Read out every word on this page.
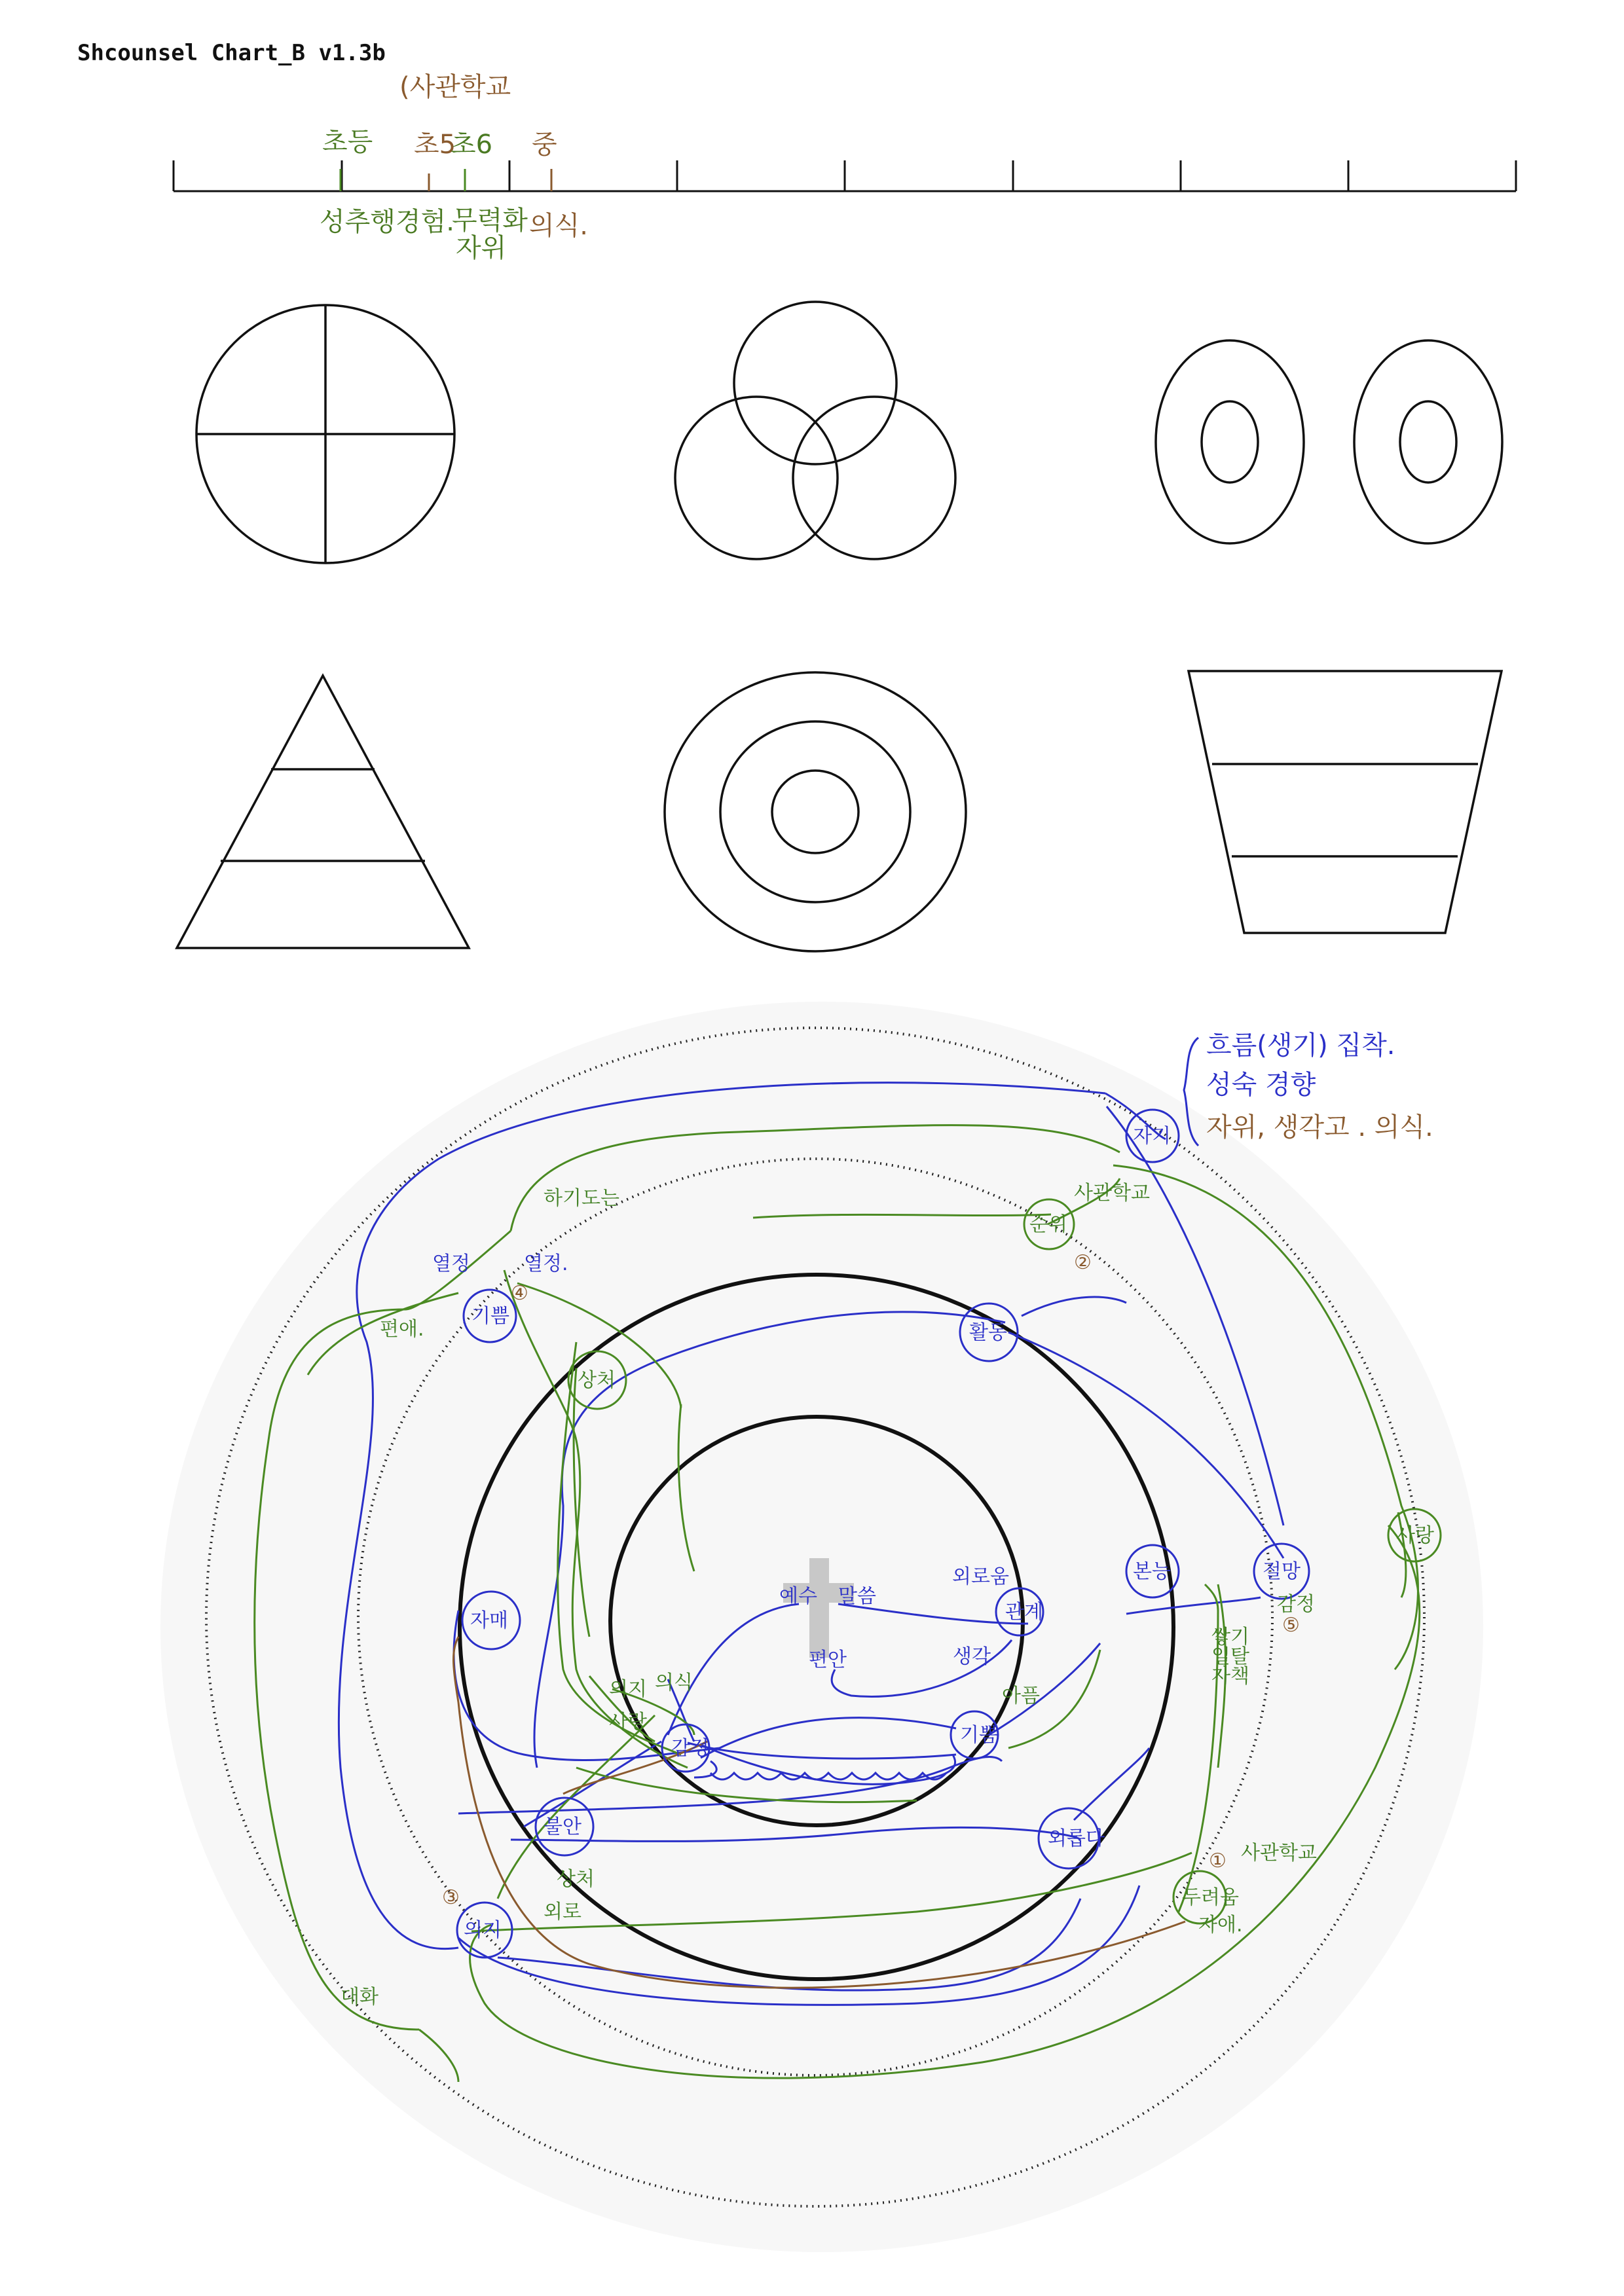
Shcounsel Chart_B v1.3b
초등 초5
초6 중
(사관학교
성추행경험.
무력화
자위
의식.
①
②
③
④
⑤
예수 말씀
편안
자기
순위
사관학교
하기도는
상처
열정
편애.
기쁨
활동
절망
사랑
본능
관계
자매
의지
감정
기쁨
외롭다
두려움
불안
상처
외로
의지
대화
자애.
사관학교
쌓기
일탈
자책
감정
사랑
의식
열정.
외로움
생각
아픔
흐름(생기) 집착.
성숙 경향
자위, 생각고 . 의식.
